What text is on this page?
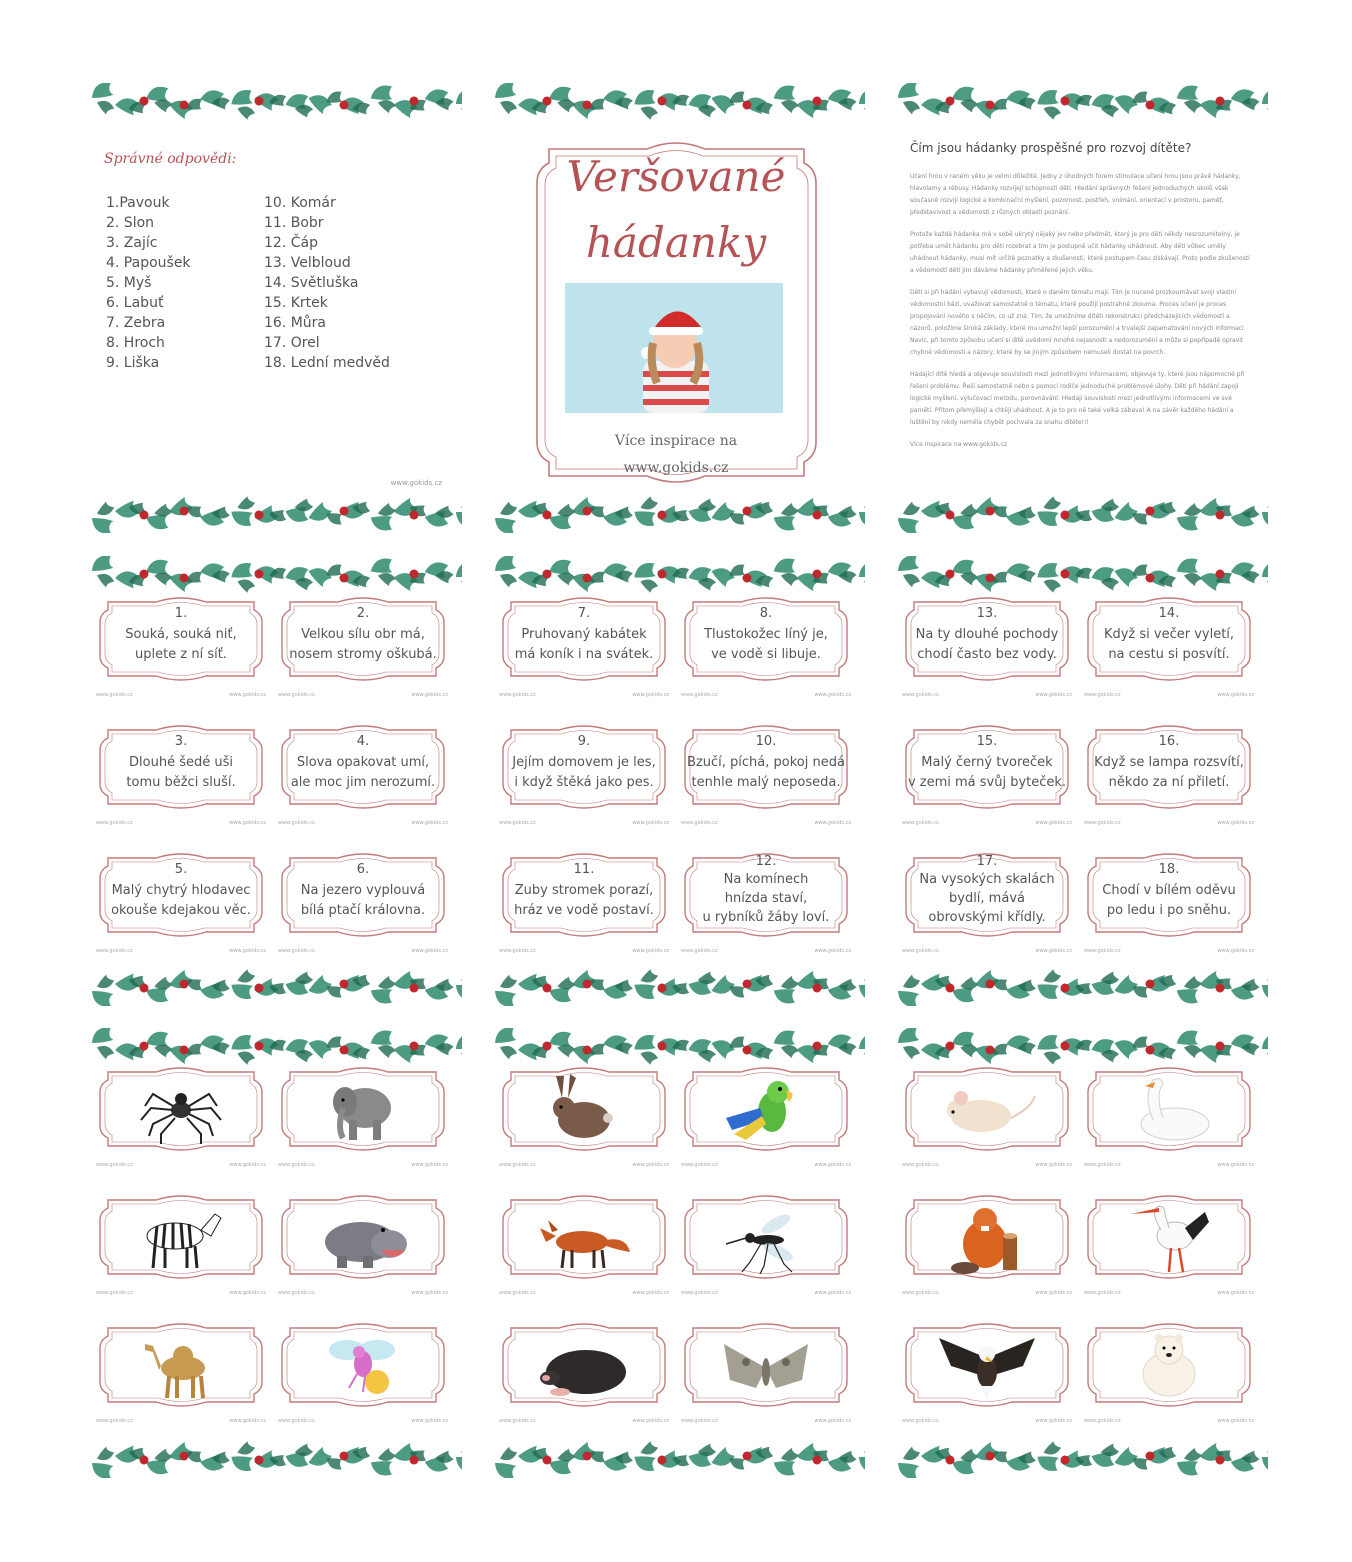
Správné odpovědi:
1.Pavouk
2. Slon
3. Zajíc
4. Papoušek
5. Myš
6. Labuť
7. Zebra
8. Hroch
9. Liška
10. Komár
11. Bobr
12. Čáp
13. Velbloud
14. Světluška
15. Krtek
16. Můra
17. Orel
18. Lední medvěd
www.gokids.cz
Veršované
hádanky
Více inspirace na
www.gokids.cz
Čím jsou hádanky prospěšné pro rozvoj dítěte?

Učení hrou v raném věku je velmi důležité. Jedny z úhodných forem stimulace učení hrou jsou právě hádanky, hlavolamy a rébusy. Hádanky rozvíjejí schopnosti dětí. Hledání správných řešení jednoduchých úkolů však současně rozvíjí logické a kombinační myšlení, pozornost, postřeh, vnímání, orientaci v prostoru, paměť, představivost a vědomosti z různých oblastí poznání.

Protože každá hádanka má v sobě ukrytý nějaký jev nebo předmět, který je pro děti někdy nesrozumitelný, je potřeba umět hádanku pro děti rozebrat a tím je postupně učit hádanky uhádnout. Aby děti vůbec uměly uhádnout hádanky, musí mít určité poznatky a zkušenosti, které postupem času získávají. Proto podle zkušeností a vědomostí dětí jim dáváme hádanky přiměřené jejich věku.

Děti si při hádání vybavují vědomosti, které o daném tématu mají. Tím je nucené prozkoumávat svoji vlastní vědomostní bázi, uvažovat samostatně o tématu, které použijí postrahně zkouma. Proces učení je proces propojování nového s něčím, co už zná. Tím, že umožníme dítěti rekonstrukci předcházejících vědomostí a názorů, položíme široká základy, které mu umožní lepší porozumění a trvalejší zapamatování nových informací. Navíc, při tomto způsobu učení si dítě uvědomí mnohé nejasnosti a nedorozumění a může si popřípadě opravit chybné vědomosti a názory, které by se jiným způsobem nemuseli dostat na povrch.

Hádající dítě hledá a objevuje souvislosti mezi jednotlivými informacemi, objevuje ty, které jsou nápomocné při řešení problému. Řeší samostatně nebo s pomocí rodiče jednoduché problémové úlohy. Děti při hádání zapojí logické myšlení, vylučovací metodu, porovnávání. Hledají souvislosti mezi jednotlivými informacemi ve své paměti. Přitom přemýšlejí a chtějí uhádnout. A je to pro ně také velká zábava! A na závěr každého hádání a luštění by nikdy neměla chybět pochvala za snahu dítěte!!!

Více inspirace na www.gokids.cz

1.
Souká, souká niť,
uplete z ní síť.
www.gokids.cz	www.gokids.cz
2.
Velkou sílu obr má,
nosem stromy oškubá.
www.gokids.cz	www.gokids.cz
3.
Dlouhé šedé uši
tomu běžci sluší.
www.gokids.cz	www.gokids.cz
4.
Slova opakovat umí,
ale moc jim nerozumí.
www.gokids.cz	www.gokids.cz
5.
Malý chytrý hlodavec
okouše kdejakou věc.
www.gokids.cz	www.gokids.cz
6.
Na jezero vyplouvá
bílá ptačí královna.
www.gokids.cz	www.gokids.cz
7.
Pruhovaný kabátek
má koník i na svátek.
www.gokids.cz	www.gokids.cz
8.
Tlustokožec líný je,
ve vodě si libuje.
www.gokids.cz	www.gokids.cz
9.
Jejím domovem je les,
i když štěká jako pes.
www.gokids.cz	www.gokids.cz
10.
Bzučí, píchá, pokoj nedá
tenhle malý neposeda.
www.gokids.cz	www.gokids.cz
11.
Zuby stromek porazí,
hráz ve vodě postaví.
www.gokids.cz	www.gokids.cz
12.
Na komínech
hnízda staví,
u rybníků žáby loví.
www.gokids.cz	www.gokids.cz
13.
Na ty dlouhé pochody
chodí často bez vody.
www.gokids.cz	www.gokids.cz
14.
Když si večer vyletí,
na cestu si posvítí.
www.gokids.cz	www.gokids.cz
15.
Malý černý tvoreček
v zemi má svůj byteček.
www.gokids.cz	www.gokids.cz
16.
Když se lampa rozsvítí,
někdo za ní přiletí.
www.gokids.cz	www.gokids.cz
17.
Na vysokých skalách
bydlí, mává
obrovskými křídly.
www.gokids.cz	www.gokids.cz
18.
Chodí v bílém oděvu
po ledu i po sněhu.
www.gokids.cz	www.gokids.cz
www.gokids.cz	www.gokids.cz www.gokids.cz	www.gokids.cz
www.gokids.cz	www.gokids.cz www.gokids.cz	www.gokids.cz
www.gokids.cz	www.gokids.cz www.gokids.cz	www.gokids.cz
www.gokids.cz	www.gokids.cz www.gokids.cz	www.gokids.cz
www.gokids.cz	www.gokids.cz www.gokids.cz	www.gokids.cz
www.gokids.cz	www.gokids.cz www.gokids.cz	www.gokids.cz
www.gokids.cz	www.gokids.cz www.gokids.cz	www.gokids.cz
www.gokids.cz	www.gokids.cz www.gokids.cz	www.gokids.cz
www.gokids.cz	www.gokids.cz www.gokids.cz	www.gokids.cz
